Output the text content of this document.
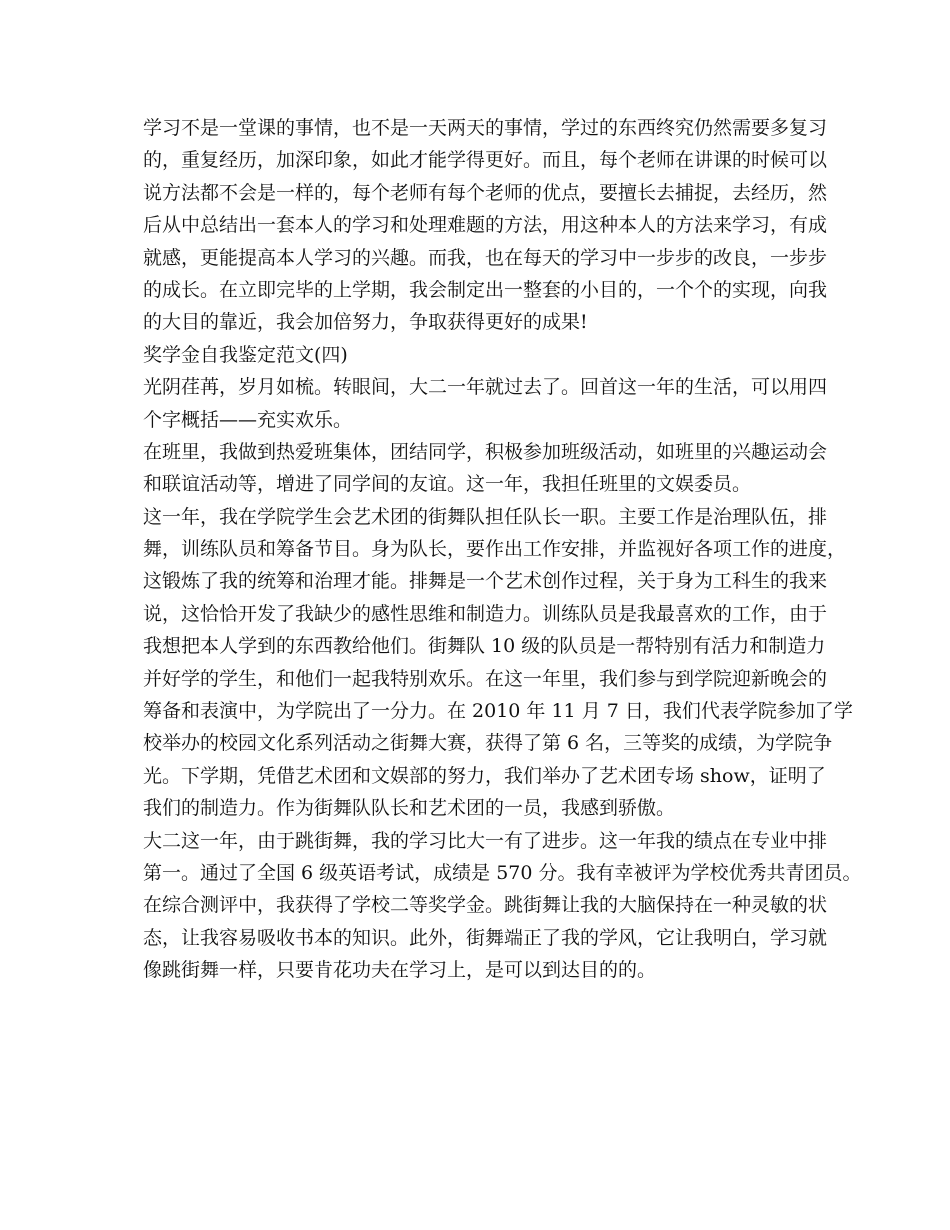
学习不是一堂课的事情，也不是一天两天的事情，学过的东西终究仍然需要多复习
的，重复经历，加深印象，如此才能学得更好。而且，每个老师在讲课的时候可以
说方法都不会是一样的，每个老师有每个老师的优点，要擅长去捕捉，去经历，然
后从中总结出一套本人的学习和处理难题的方法，用这种本人的方法来学习，有成
就感，更能提高本人学习的兴趣。而我，也在每天的学习中一步步的改良，一步步
的成长。在立即完毕的上学期，我会制定出一整套的小目的，一个个的实现，向我
的大目的靠近，我会加倍努力，争取获得更好的成果!
奖学金自我鉴定范文(四)
光阴荏苒，岁月如梳。转眼间，大二一年就过去了。回首这一年的生活，可以用四
个字概括——充实欢乐。
在班里，我做到热爱班集体，团结同学，积极参加班级活动，如班里的兴趣运动会
和联谊活动等，增进了同学间的友谊。这一年，我担任班里的文娱委员。
这一年，我在学院学生会艺术团的街舞队担任队长一职。主要工作是治理队伍，排
舞，训练队员和筹备节目。身为队长，要作出工作安排，并监视好各项工作的进度，
这锻炼了我的统筹和治理才能。排舞是一个艺术创作过程，关于身为工科生的我来
说，这恰恰开发了我缺少的感性思维和制造力。训练队员是我最喜欢的工作，由于
我想把本人学到的东西教给他们。街舞队 10 级的队员是一帮特别有活力和制造力
并好学的学生，和他们一起我特别欢乐。在这一年里，我们参与到学院迎新晚会的
筹备和表演中，为学院出了一分力。在 2010 年 11 月 7 日，我们代表学院参加了学
校举办的校园文化系列活动之街舞大赛，获得了第 6 名，三等奖的成绩，为学院争
光。下学期，凭借艺术团和文娱部的努力，我们举办了艺术团专场 show，证明了
我们的制造力。作为街舞队队长和艺术团的一员，我感到骄傲。
大二这一年，由于跳街舞，我的学习比大一有了进步。这一年我的绩点在专业中排
第一。通过了全国 6 级英语考试，成绩是 570 分。我有幸被评为学校优秀共青团员。
在综合测评中，我获得了学校二等奖学金。跳街舞让我的大脑保持在一种灵敏的状
态，让我容易吸收书本的知识。此外，街舞端正了我的学风，它让我明白，学习就
像跳街舞一样，只要肯花功夫在学习上，是可以到达目的的。
